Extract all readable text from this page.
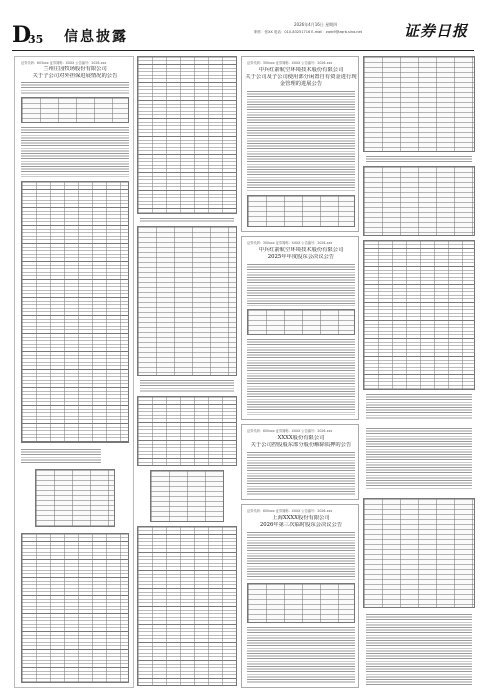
D
35 信息披露
2026年4月16日 星期四
制作：张XX 电话：010-83251716 E-mail：zqrb9@zqrb.sina.net	证券日报
证券代码：603xxx 证券简称：XXXX 公告编号：2026-xxx
兰州庄园牧场股份有限公司
关于子公司对外担保进展情况的公告
证券代码：300xxx 证券简称：XXXX 公告编号：2026-xxx
中兵红箭航空环境技术股份有限公司
关于公司及子公司使用部分闲置自有资金进行现金管理的进展公告
证券代码：300xxx 证券简称：XXXX 公告编号：2026-xxx
中兵红箭航空环境技术股份有限公司
2025年年度股东会决议公告
证券代码：600xxx 证券简称：XXXX 公告编号：2026-xxx
XXXX股份有限公司
关于公司控股股东部分股份解除质押的公告
证券代码：600xxx 证券简称：XXXX 公告编号：2026-xxx
上海XXXX股份有限公司
2026年第三次临时股东会决议公告
